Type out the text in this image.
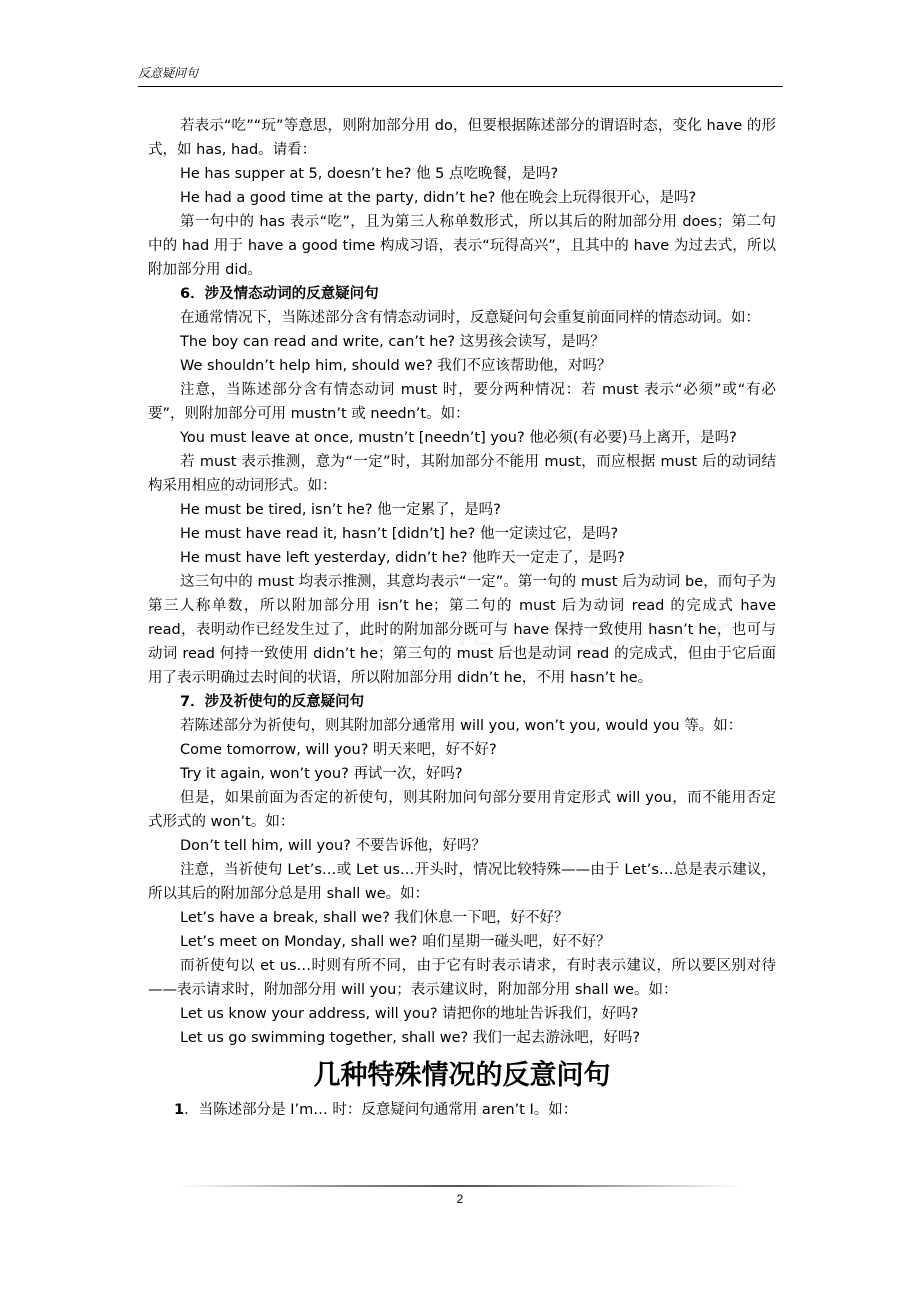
反意疑问句

若表示“吃”“玩”等意思，则附加部分用 do，但要根据陈述部分的谓语时态，变化 have 的形式，如 has, had。请看：

He has supper at 5, doesn’t he? 他 5 点吃晚餐，是吗?

He had a good time at the party, didn’t he? 他在晚会上玩得很开心，是吗?

第一句中的 has 表示“吃”，且为第三人称单数形式，所以其后的附加部分用 does；第二句中的 had 用于 have a good time 构成习语，表示“玩得高兴”，且其中的 have 为过去式，所以附加部分用 did。

6．涉及情态动词的反意疑问句

在通常情况下，当陈述部分含有情态动词时，反意疑问句会重复前面同样的情态动词。如：

The boy can read and write, can’t he? 这男孩会读写，是吗？

We shouldn’t help him, should we? 我们不应该帮助他，对吗？

注意，当陈述部分含有情态动词 must 时，要分两种情况：若 must 表示“必须”或“有必要”，则附加部分可用 mustn’t 或 needn’t。如：

You must leave at once, mustn’t [needn’t] you? 他必须(有必要)马上离开，是吗?

若 must 表示推测，意为“一定”时，其附加部分不能用 must，而应根据 must 后的动词结构采用相应的动词形式。如：

He must be tired, isn’t he? 他一定累了，是吗?

He must have read it, hasn’t [didn’t] he? 他一定读过它，是吗?

He must have left yesterday, didn’t he? 他昨天一定走了，是吗?

这三句中的 must 均表示推测，其意均表示“一定”。第一句的 must 后为动词 be，而句子为第三人称单数，所以附加部分用 isn’t he；第二句的 must 后为动词 read 的完成式 have read，表明动作已经发生过了，此时的附加部分既可与 have 保持一致使用 hasn’t he，也可与动词 read 何持一致使用 didn’t he；第三句的 must 后也是动词 read 的完成式，但由于它后面用了表示明确过去时间的状语，所以附加部分用 didn’t he，不用 hasn’t he。

7．涉及祈使句的反意疑问句

若陈述部分为祈使句，则其附加部分通常用 will you, won’t you, would you 等。如：

Come tomorrow, will you? 明天来吧，好不好?

Try it again, won’t you? 再试一次，好吗?

但是，如果前面为否定的祈使句，则其附加问句部分要用肯定形式 will you，而不能用否定式形式的 won’t。如：

Don’t tell him, will you? 不要告诉他，好吗？

注意，当祈使句 Let’s…或 Let us…开头时，情况比较特殊——由于 Let’s…总是表示建议，所以其后的附加部分总是用 shall we。如：

Let’s have a break, shall we? 我们休息一下吧，好不好？

Let’s meet on Monday, shall we? 咱们星期一碰头吧，好不好？

而祈使句以 et us…时则有所不同，由于它有时表示请求，有时表示建议，所以要区别对待——表示请求时，附加部分用 will you；表示建议时，附加部分用 shall we。如：

Let us know your address, will you? 请把你的地址告诉我们，好吗?

Let us go swimming together, shall we? 我们一起去游泳吧，好吗?

几种特殊情况的反意问句

1．当陈述部分是 I’m… 时：反意疑问句通常用 aren’t I。如：

2
